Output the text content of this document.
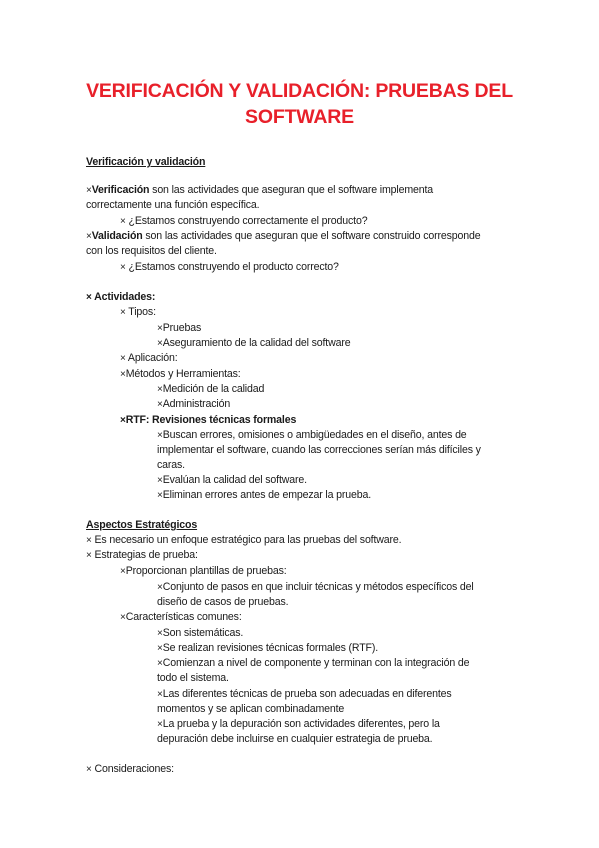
VERIFICACIÓN Y VALIDACIÓN: PRUEBAS DEL
SOFTWARE
Verificación y validación
×Verificación son las actividades que aseguran que el software implementa
correctamente una función específica.
× ¿Estamos construyendo correctamente el producto?
×Validación son las actividades que aseguran que el software construido corresponde
con los requisitos del cliente.
× ¿Estamos construyendo el producto correcto?
× Actividades:
× Tipos:
×Pruebas
×Aseguramiento de la calidad del software
× Aplicación:
×Métodos y Herramientas:
×Medición de la calidad
×Administración
×RTF: Revisiones técnicas formales
×Buscan errores, omisiones o ambigüedades en el diseño, antes de
implementar el software, cuando las correcciones serían más difíciles y
caras.
×Evalúan la calidad del software.
×Eliminan errores antes de empezar la prueba.
Aspectos Estratégicos
× Es necesario un enfoque estratégico para las pruebas del software.
× Estrategias de prueba:
×Proporcionan plantillas de pruebas:
×Conjunto de pasos en que incluir técnicas y métodos específicos del
diseño de casos de pruebas.
×Características comunes:
×Son sistemáticas.
×Se realizan revisiones técnicas formales (RTF).
×Comienzan a nivel de componente y terminan con la integración de
todo el sistema.
×Las diferentes técnicas de prueba son adecuadas en diferentes
momentos y se aplican combinadamente
×La prueba y la depuración son actividades diferentes, pero la
depuración debe incluirse en cualquier estrategia de prueba.
× Consideraciones:
